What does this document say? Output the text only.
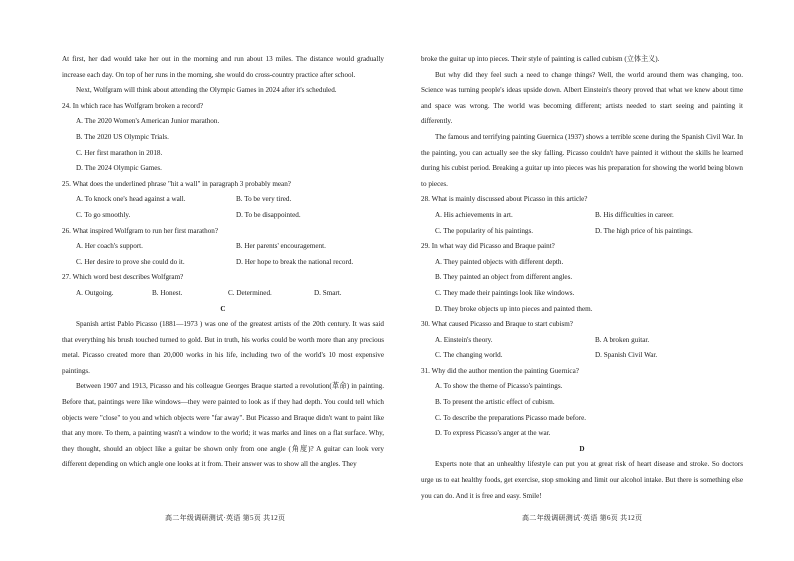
At first, her dad would take her out in the morning and run about 13 miles. The distance would gradually increase each day. On top of her runs in the morning, she would do cross-country practice after school.
Next, Wolfgram will think about attending the Olympic Games in 2024 after it's scheduled.
24. In which race has Wolfgram broken a record?
A. The 2020 Women's American Junior marathon.
B. The 2020 US Olympic Trials.
C. Her first marathon in 2018.
D. The 2024 Olympic Games.
25. What does the underlined phrase "hit a wall" in paragraph 3 probably mean?
A. To knock one's head against a wall.	B. To be very tired.
C. To go smoothly.	D. To be disappointed.
26. What inspired Wolfgram to run her first marathon?
A. Her coach's support.	B. Her parents' encouragement.
C. Her desire to prove she could do it.	D. Her hope to break the national record.
27. Which word best describes Wolfgram?
A. Outgoing.	B. Honest.	C. Determined.	D. Smart.
C
Spanish artist Pablo Picasso (1881—1973 ) was one of the greatest artists of the 20th century. It was said that everything his brush touched turned to gold. But in truth, his works could be worth more than any precious metal. Picasso created more than 20,000 works in his life, including two of the world's 10 most expensive paintings.
Between 1907 and 1913, Picasso and his colleague Georges Braque started a revolution(革命) in painting. Before that, paintings were like windows—they were painted to look as if they had depth. You could tell which objects were "close" to you and which objects were "far away". But Picasso and Braque didn't want to paint like that any more. To them, a painting wasn't a window to the world; it was marks and lines on a flat surface. Why, they thought, should an object like a guitar be shown only from one angle (角度)? A guitar can look very different depending on which angle one looks at it from. Their answer was to show all the angles. They
broke the guitar up into pieces. Their style of painting is called cubism (立体主义).
But why did they feel such a need to change things? Well, the world around them was changing, too. Science was turning people's ideas upside down. Albert Einstein's theory proved that what we knew about time and space was wrong. The world was becoming different; artists needed to start seeing and painting it differently.
The famous and terrifying painting Guernica (1937) shows a terrible scene during the Spanish Civil War. In the painting, you can actually see the sky falling. Picasso couldn't have painted it without the skills he learned during his cubist period. Breaking a guitar up into pieces was his preparation for showing the world being blown to pieces.
28. What is mainly discussed about Picasso in this article?
A. His achievements in art.	B. His difficulties in career.
C. The popularity of his paintings.	D. The high price of his paintings.
29. In what way did Picasso and Braque paint?
A. They painted objects with different depth.
B. They painted an object from different angles.
C. They made their paintings look like windows.
D. They broke objects up into pieces and painted them.
30. What caused Picasso and Braque to start cubism?
A. Einstein's theory.	B. A broken guitar.
C. The changing world.	D. Spanish Civil War.
31. Why did the author mention the painting Guernica?
A. To show the theme of Picasso's paintings.
B. To present the artistic effect of cubism.
C. To describe the preparations Picasso made before.
D. To express Picasso's anger at the war.
D
Experts note that an unhealthy lifestyle can put you at great risk of heart disease and stroke. So doctors urge us to eat healthy foods, get exercise, stop smoking and limit our alcohol intake. But there is something else you can do. And it is free and easy. Smile!
高二年级调研测试·英语 第5页 共12页	高二年级调研测试·英语 第6页 共12页
